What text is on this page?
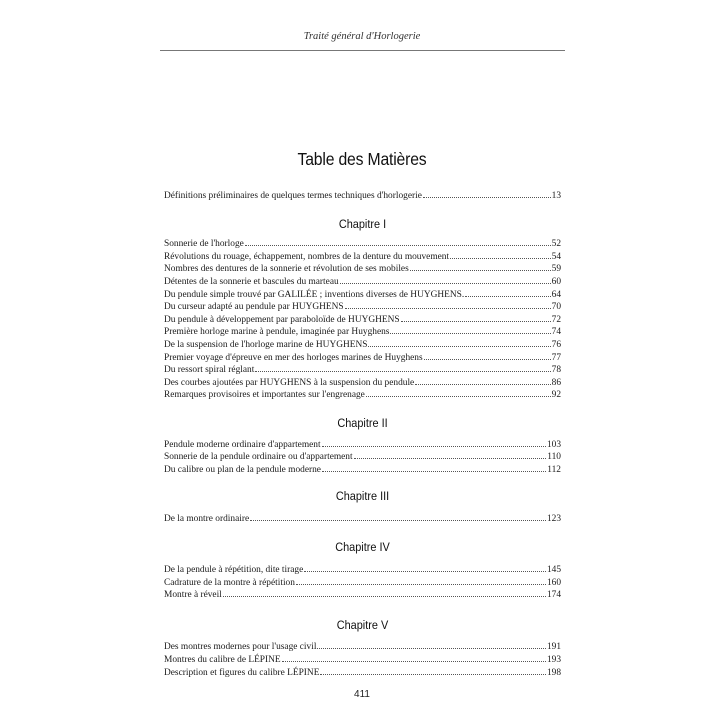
Traité général d'Horlogerie
Table des Matières
Définitions préliminaires de quelques termes techniques d'horlogerie	13
Chapitre I
Sonnerie de l'horloge	52
Révolutions du rouage, échappement, nombres de la denture du mouvement	54
Nombres des dentures de la sonnerie et révolution de ses mobiles	59
Détentes de la sonnerie et bascules du marteau	60
Du pendule simple trouvé par GALILÉE ; inventions diverses de HUYGHENS.	64
Du curseur adapté au pendule par HUYGHENS	70
Du pendule à développement par paraboloïde de HUYGHENS	72
Première horloge marine à pendule, imaginée par Huyghens	74
De la suspension de l'horloge marine de HUYGHENS	76
Premier voyage d'épreuve en mer des horloges marines de Huyghens	77
Du ressort spiral réglant	78
Des courbes ajoutées par HUYGHENS à la suspension du pendule	86
Remarques provisoires et importantes sur l'engrenage	92
Chapitre II
Pendule moderne ordinaire d'appartement	103
Sonnerie de la pendule ordinaire ou d'appartement	110
Du calibre ou plan de la pendule moderne	112
Chapitre III
De la montre ordinaire	123
Chapitre IV
De la pendule à répétition, dite tirage	145
Cadrature de la montre à répétition	160
Montre à réveil	174
Chapitre V
Des montres modernes pour l'usage civil	191
Montres du calibre de LÉPINE	193
Description et figures du calibre LÉPINE	198
411
